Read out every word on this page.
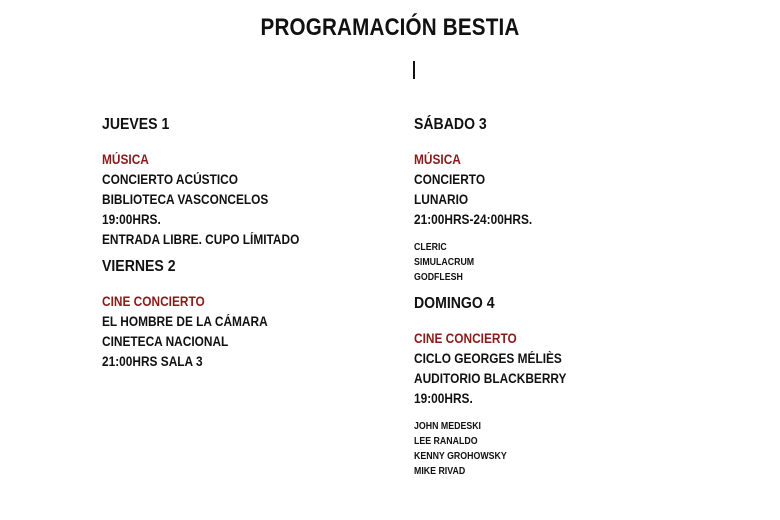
PROGRAMACIÓN BESTIA
JUEVES 1
MÚSICA
CONCIERTO ACÚSTICO
BIBLIOTECA VASCONCELOS
19:00HRS.
ENTRADA LIBRE. CUPO LÍMITADO
VIERNES 2
CINE CONCIERTO
EL HOMBRE DE LA CÁMARA
CINETECA NACIONAL
21:00HRS SALA 3
SÁBADO 3
MÚSICA
CONCIERTO
LUNARIO
21:00HRS-24:00HRS.
CLERIC
SIMULACRUM
GODFLESH
DOMINGO 4
CINE CONCIERTO
CICLO GEORGES MÉLIÈS
AUDITORIO BLACKBERRY
19:00HRS.
JOHN MEDESKI
LEE RANALDO
KENNY GROHOWSKY
MIKE RIVAD
